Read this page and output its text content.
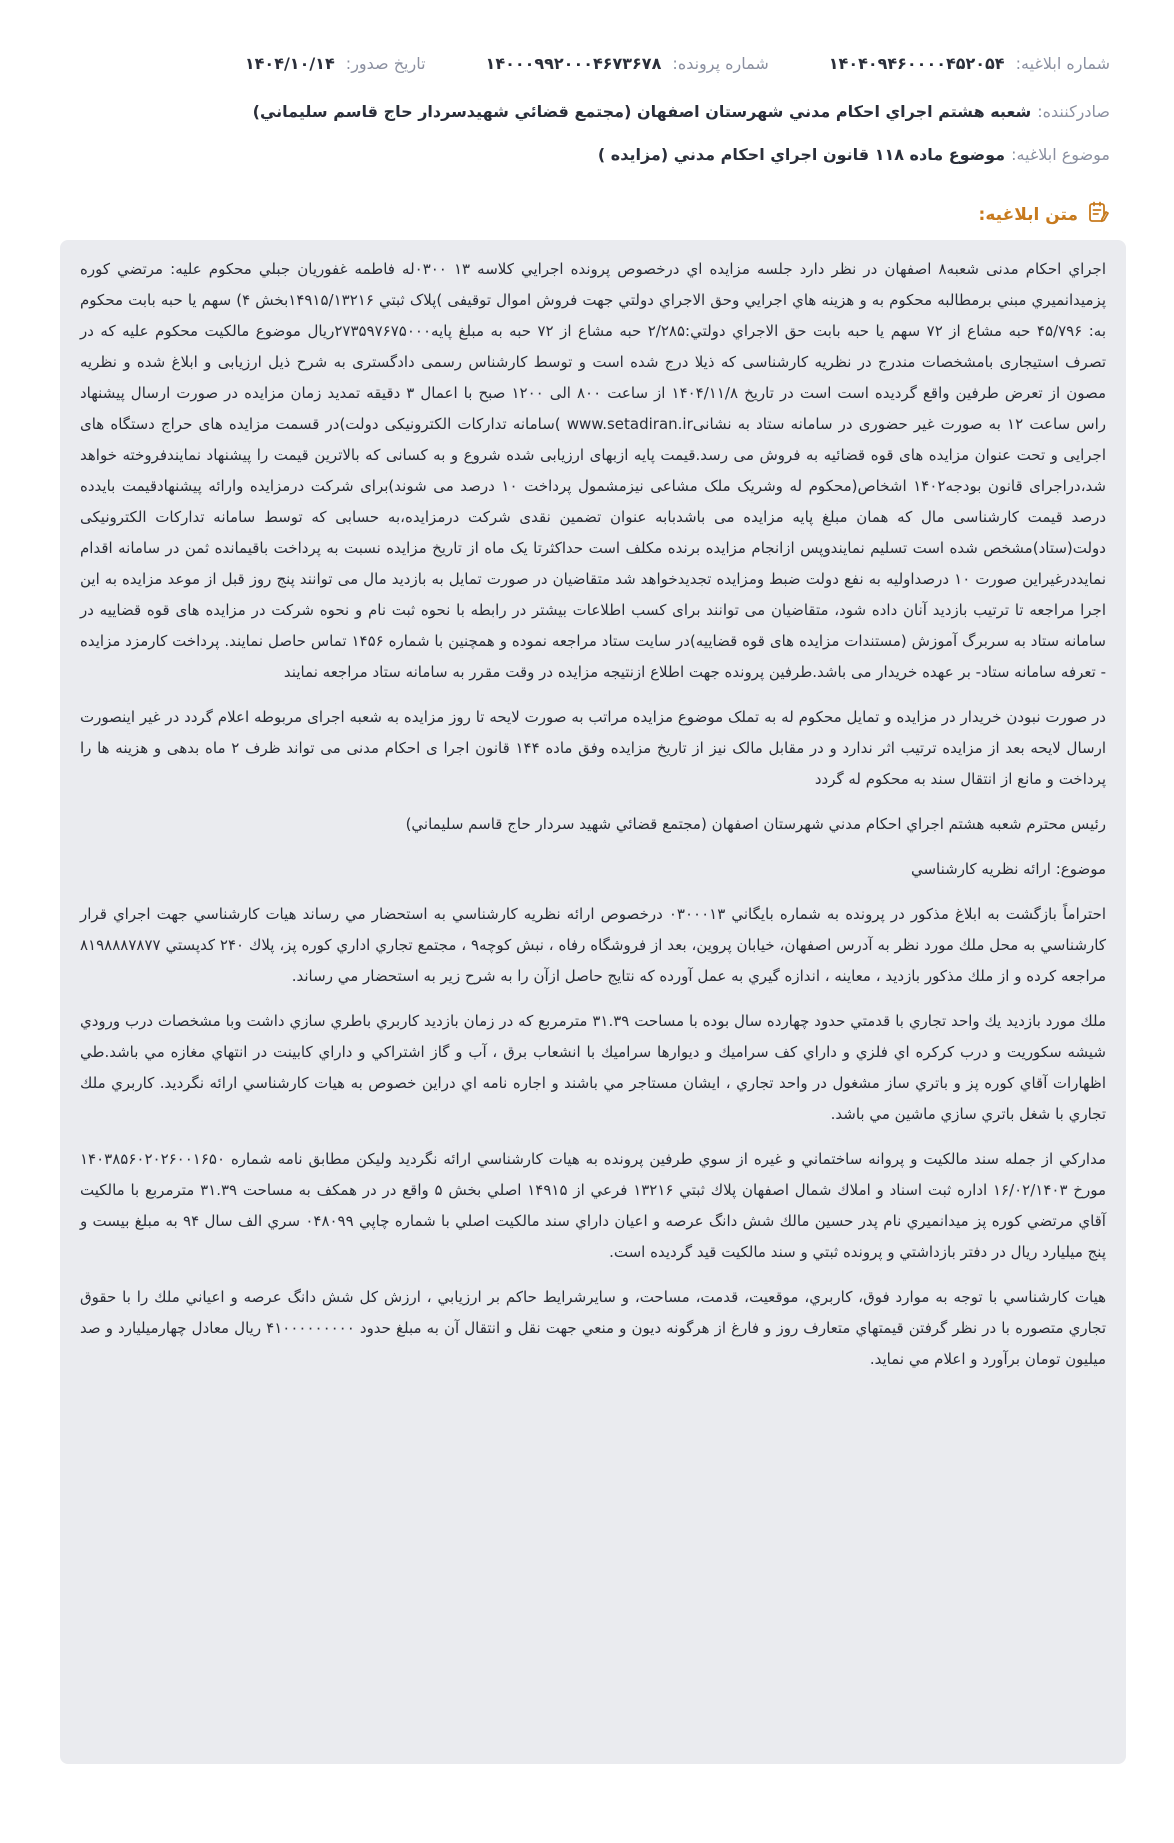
شماره ابلاغيه: ۱۴۰۴۰۹۴۶۰۰۰۰۴۵۲۰۵۴
شماره پرونده: ۱۴۰۰۰۹۹۲۰۰۰۴۶۷۳۶۷۸
تاريخ صدور: ۱۴۰۴/۱۰/۱۴
صادرکننده:
شعبه هشتم اجراي احكام مدني شهرستان اصفهان (مجتمع قضائي شهيدسردار حاج قاسم سليماني)
موضوع ابلاغيه:
موضوع ماده ۱۱۸ قانون اجراي احکام مدني (مزايده )
متن ابلاغيه:

اجراي احكام مدنی شعبه‌۸ اصفهان در نظر دارد جلسه مزايده اي درخصوص پرونده اجرايي كلاسه ۱۳ ۰۳۰۰له فاطمه غفوريان جبلي محكوم عليه: مرتضي كوره پزميدانميري مبني برمطالبه محکوم به و هزينه هاي اجرايي وحق الاجراي دولتي جهت فروش اموال توقيفی )پلاک ثبتي ۱۴۹۱۵/۱۳۲۱۶بخش ۴) سهم يا حبه بابت محكوم به: ۴۵/۷۹۶ حبه مشاع از ۷۲ سهم يا حبه بابت حق الاجراي دولتي:۲/۲۸۵ حبه مشاع از ۷۲ حبه به مبلغ پايه۲۷۳۵۹۷۶۷۵۰۰۰ريال موضوع مالكيت محكوم عليه كه در تصرف استيجاری بامشخصات مندرج در نظريه کارشناسی که ذيلا درج شده است و توسط کارشناس رسمی دادگستری به شرح ذيل ارزيابی و ابلاغ شده و نظريه مصون از تعرض طرفين واقع گرديده است است در تاريخ ۱۴۰۴/۱۱/۸ از ساعت ۸۰۰ الی ۱۲۰۰ صبح با اعمال ۳ دقيقه تمديد زمان مزايده در صورت ارسال پيشنهاد راس ساعت ۱۲ به صورت غير حضوری در سامانه ستاد به نشانیwww.setadiran.ir )سامانه تدارکات الکترونيکی دولت)در قسمت مزايده های حراج دستگاه های اجرايی و تحت عنوان مزايده های قوه قضائيه به فروش می رسد.قيمت پايه ازبهای ارزيابی شده شروع و به کسانی که بالاترين قيمت را پيشنهاد نمايندفروخته خواهد شد،دراجرای قانون بودجه۱۴۰۲ اشخاص(محکوم له وشريک ملک مشاعی نيزمشمول پرداخت ۱۰ درصد می شوند)برای شرکت درمزايده وارائه پيشنهادقيمت بايدده درصد قيمت کارشناسی مال که همان مبلغ پايه مزايده می باشدبابه عنوان تضمين نقدی شرکت درمزايده،به حسابی که توسط سامانه تدارکات الکترونيکی دولت(ستاد)مشخص شده است تسليم نمايندوپس ازانجام مزايده برنده مکلف است حداکثرتا يک ماه از تاريخ مزايده نسبت به پرداخت باقيمانده ثمن در سامانه اقدام نمايددرغيراين صورت ۱۰ درصداوليه به نفع دولت ضبط ومزايده تجديدخواهد شد متقاضيان در صورت تمايل به بازديد مال می توانند پنج روز قبل از موعد مزايده به اين اجرا مراجعه تا ترتيب بازديد آنان داده شود، متقاضيان می توانند برای کسب اطلاعات بيشتر در رابطه با نحوه ثبت نام و نحوه شرکت در مزايده های قوه قضاييه در سامانه ستاد به سربرگ آموزش (مستندات مزايده های قوه قضاييه)در سايت ستاد مراجعه نموده و همچنين با شماره ۱۴۵۶ تماس حاصل نمايند. پرداخت کارمزد مزايده - تعرفه سامانه ستاد- بر عهده خريدار می باشد.طرفين پرونده جهت اطلاع ازنتيجه مزايده در وقت مقرر به سامانه ستاد مراجعه نمايند

در صورت نبودن خريدار در مزايده و تمايل محکوم له به تملک موضوع مزايده مراتب به صورت لايحه تا روز مزايده به شعبه اجرای مربوطه اعلام گردد در غير اينصورت ارسال لايحه بعد از مزايده ترتيب اثر ندارد و در مقابل مالک نيز از تاريخ مزايده وفق ماده ۱۴۴ قانون اجرا ی احکام مدنی می تواند ظرف ۲ ماه بدهی و هزينه ها را پرداخت و مانع از انتقال سند به محکوم له گردد

رئيس محترم شعبه هشتم اجراي احكام مدني شهرستان اصفهان (مجتمع قضائي شهيد سردار حاج قاسم سليماني)

موضوع: ارائه نظريه كارشناسي

احتراماً بازگشت به ابلاغ مذكور در پرونده به شماره بايگاني ۰۳۰۰۰۱۳ درخصوص ارائه نظريه كارشناسي به استحضار مي رساند هيات كارشناسي جهت اجراي قرار كارشناسي به محل ملك مورد نظر به آدرس اصفهان، خيابان پروين، بعد از فروشگاه رفاه ، نبش كوچه۹ ، مجتمع تجاري اداري كوره پز، پلاك ۲۴۰ كدپستي ۸۱۹۸۸۸۷۸۷۷ مراجعه كرده و از ملك مذكور بازديد ، معاينه ، اندازه گيري به عمل آورده كه نتايج حاصل ازآن را به شرح زير به استحضار مي رساند.

ملك مورد بازديد يك واحد تجاري با قدمتي حدود چهارده سال بوده با مساحت ۳۱.۳۹ مترمربع كه در زمان بازديد كاربري باطري سازي داشت وبا مشخصات درب ورودي شيشه سكوريت و درب كركره اي فلزي و داراي كف سراميك و ديوارها سراميك با انشعاب برق ، آب و گاز اشتراكي و داراي كابينت در انتهاي مغازه مي باشد.طي اظهارات آقاي كوره پز و باتري ساز مشغول در واحد تجاري ، ايشان مستاجر مي باشند و اجاره نامه اي دراين خصوص به هيات كارشناسي ارائه نگرديد. كاربري ملك تجاري با شغل باتري سازي ماشين مي باشد.

مداركي از جمله سند مالكيت و پروانه ساختماني و غيره از سوي طرفين پرونده به هيات كارشناسي ارائه نگرديد وليكن مطابق نامه شماره ۱۴۰۳۸۵۶۰۲۰۲۶۰۰۱۶۵۰ مورخ ۱۶/۰۲/۱۴۰۳ اداره ثبت اسناد و املاك شمال اصفهان پلاك ثبتي ۱۳۲۱۶ فرعي از ۱۴۹۱۵ اصلي بخش ۵ واقع در در همكف به مساحت ۳۱.۳۹ مترمربع با مالكيت آقاي مرتضي كوره پز ميدانميري نام پدر حسين مالك شش دانگ عرصه و اعيان داراي سند مالكيت اصلي با شماره چاپي ۰۴۸۰۹۹ سري الف سال ۹۴ به مبلغ بيست و پنج ميليارد ريال در دفتر بازداشتي و پرونده ثبتي و سند مالكيت قيد گرديده است.

هيات كارشناسي با توجه به موارد فوق، كاربري، موقعيت، قدمت، مساحت، و سايرشرايط حاكم بر ارزيابي ، ارزش كل شش دانگ عرصه و اعياني ملك را با حقوق تجاري متصوره با در نظر گرفتن قيمتهاي متعارف روز و فارغ از هرگونه ديون و منعي جهت نقل و انتقال آن به مبلغ حدود ۴۱۰۰۰۰۰۰۰۰۰ ريال معادل چهارميليارد و صد ميليون تومان برآورد و اعلام مي نمايد.
